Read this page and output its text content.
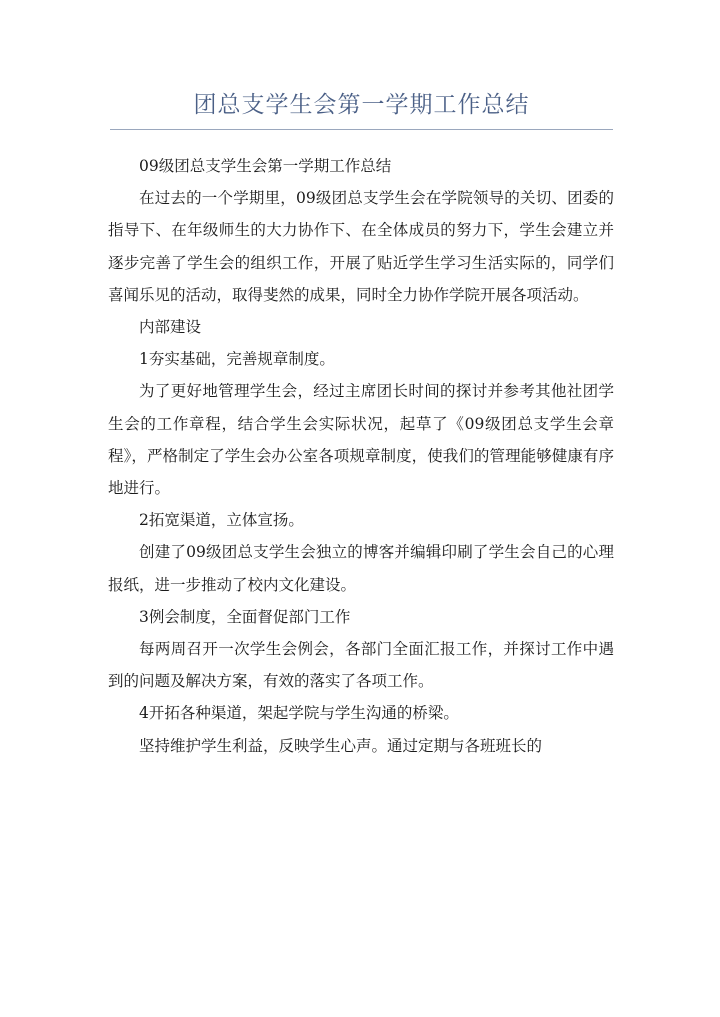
团总支学生会第一学期工作总结

09级团总支学生会第一学期工作总结

在过去的一个学期里，09级团总支学生会在学院领导的关切、团委的指导下、在年级师生的大力协作下、在全体成员的努力下，学生会建立并逐步完善了学生会的组织工作，开展了贴近学生学习生活实际的，同学们喜闻乐见的活动，取得斐然的成果，同时全力协作学院开展各项活动。

内部建设

1夯实基础，完善规章制度。

为了更好地管理学生会，经过主席团长时间的探讨并参考其他社团学生会的工作章程，结合学生会实际状况，起草了《09级团总支学生会章程》，严格制定了学生会办公室各项规章制度，使我们的管理能够健康有序地进行。

2拓宽渠道，立体宣扬。

创建了09级团总支学生会独立的博客并编辑印刷了学生会自己的心理报纸，进一步推动了校内文化建设。

3例会制度，全面督促部门工作

每两周召开一次学生会例会，各部门全面汇报工作，并探讨工作中遇到的问题及解决方案，有效的落实了各项工作。

4开拓各种渠道，架起学院与学生沟通的桥梁。

坚持维护学生利益，反映学生心声。通过定期与各班班长的
